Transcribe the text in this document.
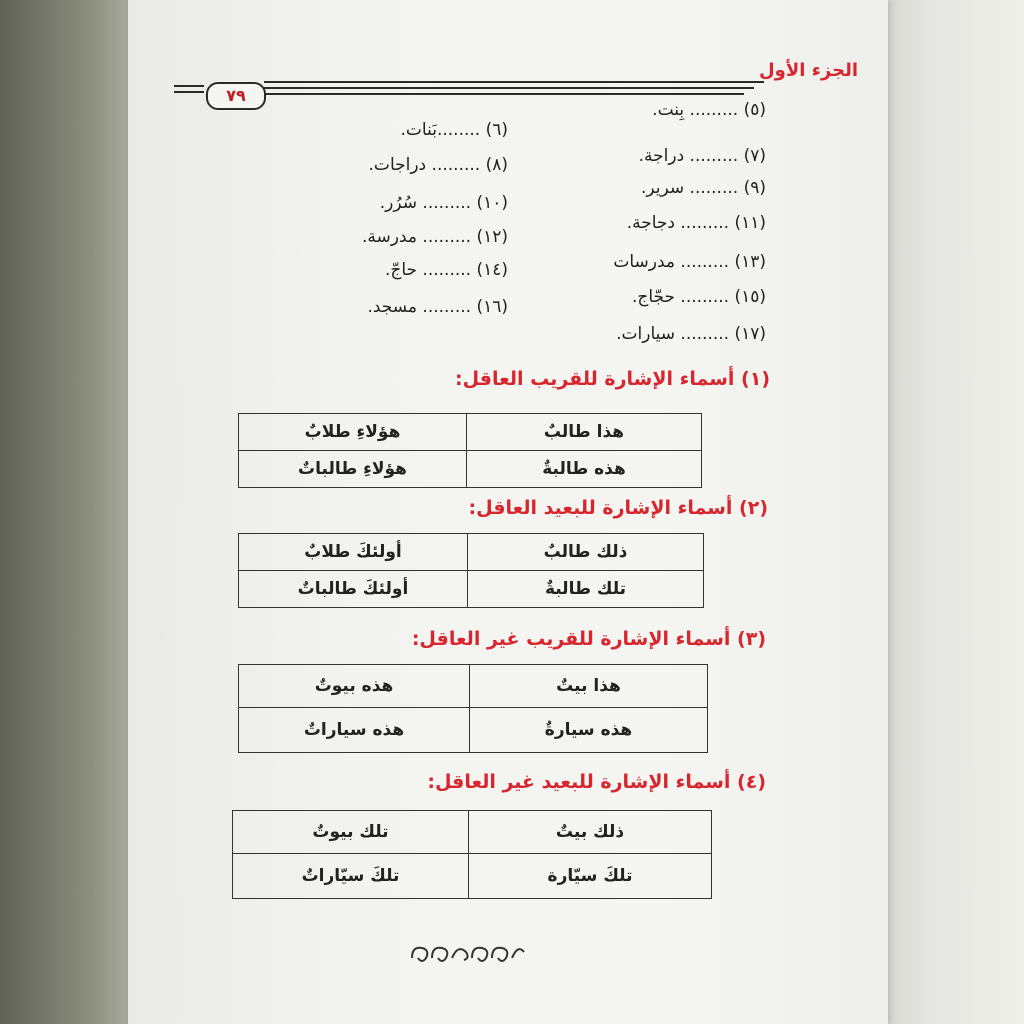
الجزء الأول
٧٩
(٥) ......... بِنت.
(٧) ......... دراجة.
(٩) ......... سرير.
(١١) ......... دجاجة.
(١٣) ......... مدرسات
(١٥) ......... حجّاج.
(١٧) ......... سيارات.
(٦) ........بَنات.
(٨) ......... دراجات.
(١٠) ......... سُرُر.
(١٢) ......... مدرسة.
(١٤) ......... حاجّ.
(١٦) ......... مسجد.
(١) أسماء الإشارة للقريب العاقل:
هذا طالبٌ	هؤلاءِ طلابٌ
هذه طالبةٌ	هؤلاءِ طالباتٌ
(٢) أسماء الإشارة للبعيد العاقل:
ذلك طالبٌ	أولئكَ طلابٌ
تلك طالبةٌ	أولئكَ طالباتٌ
(٣) أسماء الإشارة للقريب غير العاقل:
هذا بيتٌ	هذه بيوتٌ
هذه سيارةٌ	هذه سياراتٌ
(٤) أسماء الإشارة للبعيد غير العاقل:
ذلك بيتٌ	تلك بيوتٌ
تلكَ سيّارة	تلكَ سيّاراتٌ
